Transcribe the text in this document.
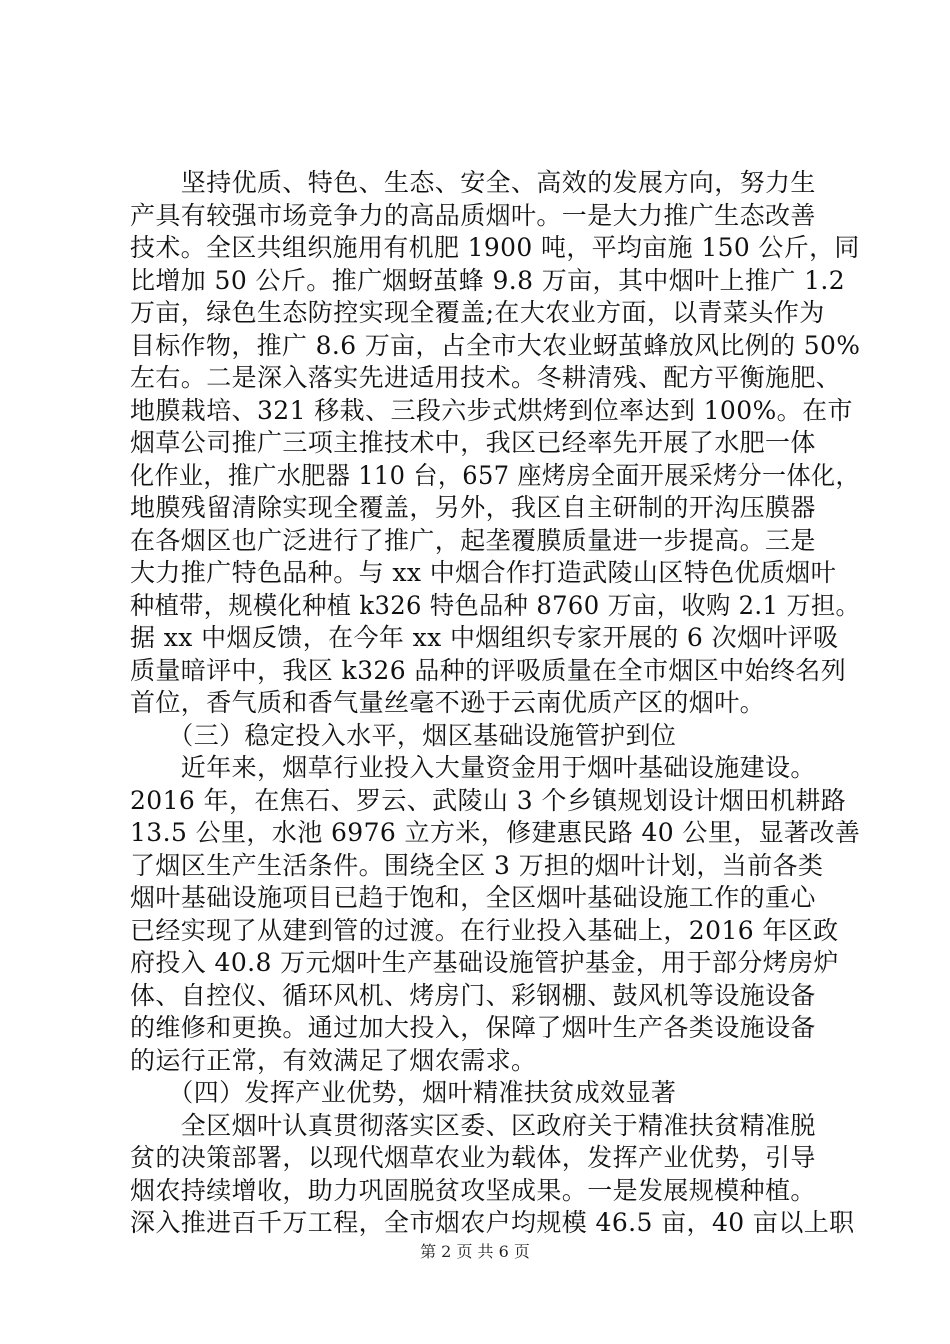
　　坚持优质、特色、生态、安全、高效的发展方向，努力生
产具有较强市场竞争力的高品质烟叶。一是大力推广生态改善
技术。全区共组织施用有机肥 1900 吨，平均亩施 150 公斤，同
比增加 50 公斤。推广烟蚜茧蜂 9.8 万亩，其中烟叶上推广 1.2
万亩，绿色生态防控实现全覆盖;在大农业方面，以青菜头作为
目标作物，推广 8.6 万亩，占全市大农业蚜茧蜂放风比例的 50%
左右。二是深入落实先进适用技术。冬耕清残、配方平衡施肥、
地膜栽培、321 移栽、三段六步式烘烤到位率达到 100%。在市
烟草公司推广三项主推技术中，我区已经率先开展了水肥一体
化作业，推广水肥器 110 台，657 座烤房全面开展采烤分一体化，
地膜残留清除实现全覆盖，另外，我区自主研制的开沟压膜器
在各烟区也广泛进行了推广，起垄覆膜质量进一步提高。三是
大力推广特色品种。与 xx 中烟合作打造武陵山区特色优质烟叶
种植带，规模化种植 k326 特色品种 8760 万亩，收购 2.1 万担。
据 xx 中烟反馈，在今年 xx 中烟组织专家开展的 6 次烟叶评吸
质量暗评中，我区 k326 品种的评吸质量在全市烟区中始终名列
首位，香气质和香气量丝毫不逊于云南优质产区的烟叶。
　　（三）稳定投入水平，烟区基础设施管护到位
　　近年来，烟草行业投入大量资金用于烟叶基础设施建设。
2016 年，在焦石、罗云、武陵山 3 个乡镇规划设计烟田机耕路
13.5 公里，水池 6976 立方米，修建惠民路 40 公里，显著改善
了烟区生产生活条件。围绕全区 3 万担的烟叶计划，当前各类
烟叶基础设施项目已趋于饱和，全区烟叶基础设施工作的重心
已经实现了从建到管的过渡。在行业投入基础上，2016 年区政
府投入 40.8 万元烟叶生产基础设施管护基金，用于部分烤房炉
体、自控仪、循环风机、烤房门、彩钢棚、鼓风机等设施设备
的维修和更换。通过加大投入，保障了烟叶生产各类设施设备
的运行正常，有效满足了烟农需求。
　　（四）发挥产业优势，烟叶精准扶贫成效显著
　　全区烟叶认真贯彻落实区委、区政府关于精准扶贫精准脱
贫的决策部署，以现代烟草农业为载体，发挥产业优势，引导
烟农持续增收，助力巩固脱贫攻坚成果。一是发展规模种植。
深入推进百千万工程，全市烟农户均规模 46.5 亩，40 亩以上职
第 2 页 共 6 页
